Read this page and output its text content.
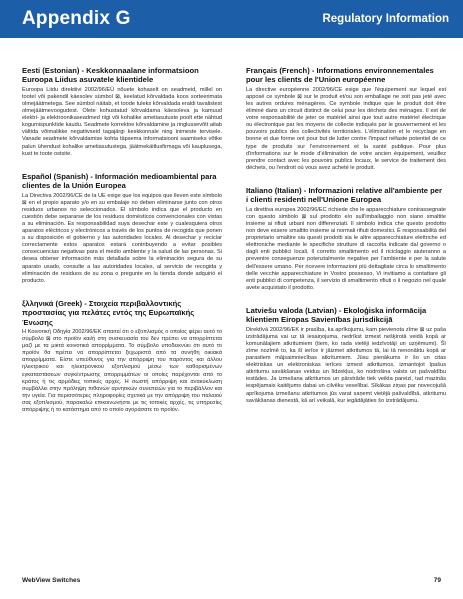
Appendix G	Regulatory Information
Eesti (Estonian) - Keskkonnaalane informatsioon Euroopa Liidus asuvatele klientidele

Euroopa Liidu direktiivi 2002/96/EÜ nõuete kohaselt on seadmeid, millel on tootel või pakendil käesolev sümbol ⊠, keelatud kõrvaldada koos sorteerimata olmejäätmetega. See sümbol näitab, et toode tuleks kõrvaldada eraldi tavalistest olmejäätmevoogudest. Olete kohustatud kõrvaldama käesoleva ja kamuud elektri- ja elektroonikaseadmed riigi või kohalike ametiasutuste poolt ette nähtud kogumispunktide kaudu. Seadmete korrektne kõrvaldamine ja ringlussevõtt aitab vältida võimalikke negatiivseid tagajärgi keskkonnale ning inimeste tervisele. Vanade seadmete kõrvaldamise kohta täpsema informatsiooni saamiseks võtke palun ühendust kohalike ametiasutustega, jäätmekäitlusfirmaga või kauplusega, kust te toote ostsite.

Español (Spanish) - Información medioambiental para clientes de la Unión Europea

La Directiva 2002/96/CE de la UE exige que los equipos que lleven este símbolo ⊠ en el propio aparato y/o en su embalaje no deben eliminarse junto con otros residuos urbanos no seleccionados. El símbolo indica que el producto en cuestión debe separarse de los residuos domésticos convencionales con vistas a su eliminación. Es responsabilidad suya desechar este y cualesquiera otros aparatos eléctricos y electrónicos a través de los puntos de recogida que ponen a su disposición el gobierno y las autoridades locales. Al desechar y reciclar correctamente estos aparatos estará contribuyendo a evitar posibles consecuencias negativas para el medio ambiente y la salud de las personas. Si desea obtener información más detallada sobre la eliminación segura de su aparato usado, consulte a las autoridades locales, al servicio de recogida y eliminación de residuos de su zona o pregunte en la tienda donde adquirió el producto.

ξλληνικά (Greek) - Στοιχεία περιβαλλοντικής προστασίας για πελάτες εντός της Ευρωπαϊκής Ένωσης

Η Κοινοτική Οδηγία 2002/96/ΕΚ απαιτεί ότι ο εξοπλισμός ο οποίος φέρει αυτό το σύμβολο ⊠ στο προϊόν και/ή στη συσκευασία του δεν πρέπει να απορρίπτεται μαζί με τα μικτά κοινοτικά απορρίμματα. Το σύμβολο υποδεικνύει ότι αυτό το προϊόν θα πρέπει να απορρίπτεται ξεχωριστά από τα συνήθη οικιακά απορρίμματα. Είστε υπεύθυνος για την απόρριψη του παρόντος και άλλου ηλεκτρικού και ηλεκτρονικού εξοπλισμού μέσω των καθορισμένων εγκαταστάσεων συγκέντρωσης απορριμμάτων οι οποίες παρέχονται από το κράτος ή τις αρμόδιες τοπικές αρχές. Η σωστή απόρριψη και ανακύκλωση συμβάλλει στην πρόληψη πιθανών αρνητικών συνεπειών για το περιβάλλον και την υγεία. Για περισσότερες πληροφορίες σχετικά με την απόρριψη του παλαιού σας εξοπλισμού, παρακαλώ επικοινωνήστε με τις τοπικές αρχές, τις υπηρεσίες απόρριψης ή το κατάστημα από το οποίο αγοράσατε το προϊόν.

Français (French) - Informations environnementales pour les clients de l'Union européenne

La directive européenne 2002/96/CE exige que l'équipement sur lequel est apposé ce symbole ⊠ sur le produit et/ou son emballage ne soit pas jeté avec les autres ordures ménagères. Ce symbole indique que le produit doit être éliminé dans un circuit distinct de celui pour les déchets des ménages. Il est de votre responsabilité de jeter ce matériel ainsi que tout autre matériel électrique ou électronique par les moyens de collecte indiqués par le gouvernement et les pouvoirs publics des collectivités territoriales. L'élimination et le recyclage en bonne et due forme ont pour but de lutter contre l'impact néfaste potentiel de ce type de produits sur l'environnement et la santé publique. Pour plus d'informations sur le mode d'élimination de votre ancien équipement, veuillez prendre contact avec les pouvoirs publics locaux, le service de traitement des déchets, ou l'endroit où vous avez acheté le produit.

Italiano (Italian) - Informazioni relative all'ambiente per i clienti residenti nell'Unione Europea

La direttiva europea 2002/96/EC richiede che le apparecchiature contrassegnate con questo simbolo ⊠ sul prodotto e/o sull'imballaggio non siano smaltite insieme ai rifiuti urbani non differenziati. Il simbolo indica che questo prodotto non deve essere smaltito insieme ai normali rifiuti domestici. È responsabilità del proprietario smaltire sia questi prodotti sia le altre apparecchiature elettriche ed elettroniche mediante le specifiche strutture di raccolta indicate dal governo o dagli enti pubblici locali. Il corretto smaltimento ed il riciclaggio aiuteranno a prevenire conseguenze potenzialmente negative per l'ambiente e per la salute dell'essere umano. Per ricevere informazioni più dettagliate circa lo smaltimento delle vecchie apparecchiature in Vostro possesso, Vi invitiamo a contattare gli enti pubblici di competenza, il servizio di smaltimento rifiuti o il negozio nel quale avete acquistato il prodotto.

Latviešu valoda (Latvian) - Ekoloģiska informācija klientiem Eiropas Savienības jurisdikcijā

Direktīvā 2002/96/EK ir prasība, ka aprīkojumu, kam pievienota zīme ⊠ uz paša izstrādājuma vai uz tā iesaiņojuma, nedrīkst izmest nešķirotā veidā kopā ar komunālajiem atkritumiem (tiem, ko rada vietēji iedzīvotāji un uzņēmumi). Šī zīme nozīmē to, ka šī ierīce ir jāizmet atkritumos tā, lai tā nenonāktu kopā ar parastiem mājsaimniecības atkritumiem. Jūsu pienākums ir šo un citas elektriskas un elektroniskas ierīces izmest atkritumos, izmantojot īpašus atkritumu savākšanas veidus un līdzekļus, ko nodrošina valsts un pašvaldību iestādes. Ja izmešana atkritumos un pārstrāde tiek veikta pareizi, tad mazinās iespējamais kaitējums dabai un cilvēku veselībai. Sīkākas ziņas par novecojušā aprīkojuma izmešanu atkritumos jūs varat saņemt vietējā pašvaldībā, atkritumu savākšanas dienestā, kā arī veikalā, kur iegādājāties šo izstrādājumu.

WebView Switches	79
